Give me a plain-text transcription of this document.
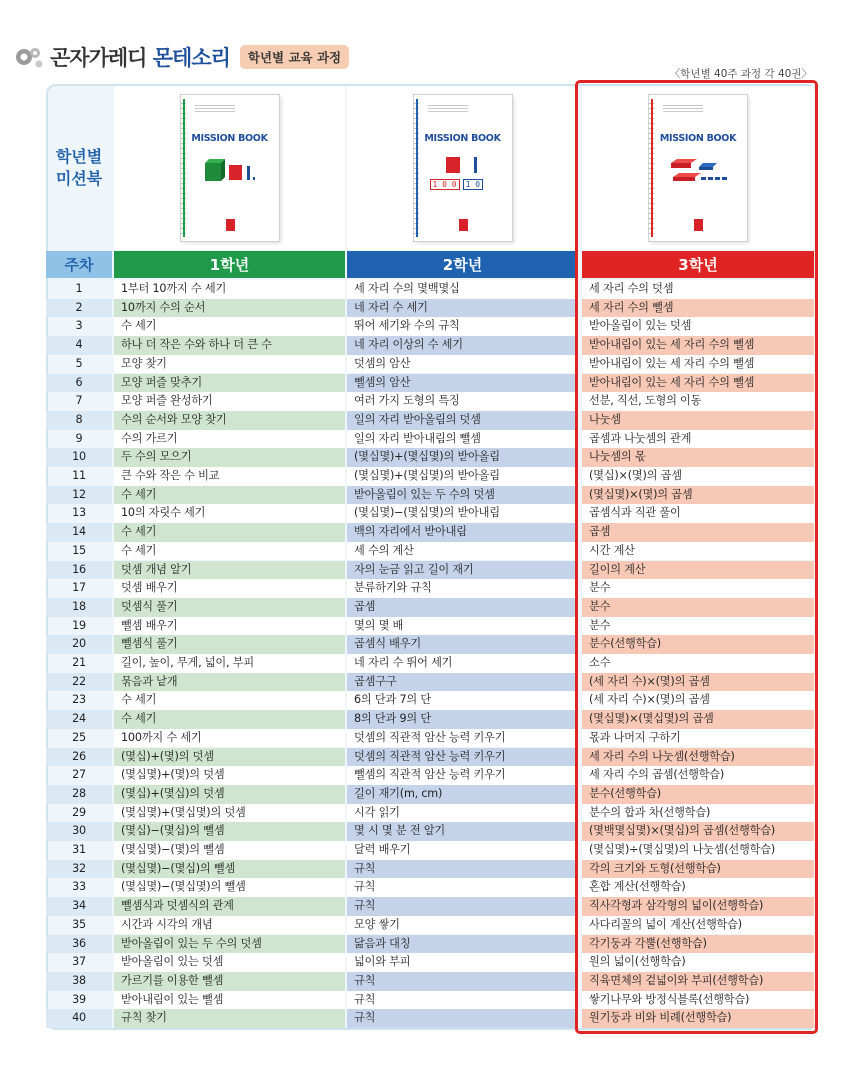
곤자가레디 몬테소리	학년별 교육 과정
〈학년별 40주 과정 각 40권〉
학년별
미션북
MISSION BOOK	MISSION BOOK
1 0 0	1 0
MISSION BOOK
주차	1학년	2학년	3학년
1	1부터 10까지 수 세기	세 자리 수의 몇백몇십	세 자리 수의 덧셈
2	10까지 수의 순서	네 자리 수 세기	세 자리 수의 뺄셈
3	수 세기	뛰어 세기와 수의 규칙	받아올림이 있는 덧셈
4	하나 더 작은 수와 하나 더 큰 수	네 자리 이상의 수 세기	받아내림이 있는 세 자리 수의 뺄셈
5	모양 찾기	덧셈의 암산	받아내림이 있는 세 자리 수의 뺄셈
6	모양 퍼즐 맞추기	뺄셈의 암산	받아내림이 있는 세 자리 수의 뺄셈
7	모양 퍼즐 완성하기	여러 가지 도형의 특징	선분, 직선, 도형의 이동
8	수의 순서와 모양 찾기	일의 자리 받아올림의 덧셈	나눗셈
9	수의 가르기	일의 자리 받아내림의 뺄셈	곱셈과 나눗셈의 관계
10	두 수의 모으기	(몇십몇)+(몇십몇)의 받아올림	나눗셈의 몫
11	큰 수와 작은 수 비교	(몇십몇)+(몇십몇)의 받아올림	(몇십)×(몇)의 곱셈
12	수 세기	받아올림이 있는 두 수의 덧셈	(몇십몇)×(몇)의 곱셈
13	10의 자릿수 세기	(몇십몇)−(몇십몇)의 받아내림	곱셈식과 직관 풀이
14	수 세기	백의 자리에서 받아내림	곱셈
15	수 세기	세 수의 계산	시간 계산
16	덧셈 개념 알기	자의 눈금 읽고 길이 재기	길이의 계산
17	덧셈 배우기	분류하기와 규칙	분수
18	덧셈식 풀기	곱셈	분수
19	뺄셈 배우기	몇의 몇 배	분수
20	뺄셈식 풀기	곱셈식 배우기	분수(선행학습)
21	길이, 높이, 무게, 넓이, 부피	네 자리 수 뛰어 세기	소수
22	묶음과 낱개	곱셈구구	(세 자리 수)×(몇)의 곱셈
23	수 세기	6의 단과 7의 단	(세 자리 수)×(몇)의 곱셈
24	수 세기	8의 단과 9의 단	(몇십몇)×(몇십몇)의 곱셈
25	100까지 수 세기	덧셈의 직관적 암산 능력 키우기	몫과 나머지 구하기
26	(몇십)+(몇)의 덧셈	덧셈의 직관적 암산 능력 키우기	세 자리 수의 나눗셈(선행학습)
27	(몇십몇)+(몇)의 덧셈	뺄셈의 직관적 암산 능력 키우기	세 자리 수의 곱셈(선행학습)
28	(몇십)+(몇십)의 덧셈	길이 재기(m, cm)	분수(선행학습)
29	(몇십몇)+(몇십몇)의 덧셈	시각 읽기	분수의 합과 차(선행학습)
30	(몇십)−(몇십)의 뺄셈	몇 시 몇 분 전 알기	(몇백몇십몇)×(몇십)의 곱셈(선행학습)
31	(몇십몇)−(몇)의 뺄셈	달력 배우기	(몇십몇)÷(몇십몇)의 나눗셈(선행학습)
32	(몇십몇)−(몇십)의 뺄셈	규칙	각의 크기와 도형(선행학습)
33	(몇십몇)−(몇십몇)의 뺄셈	규칙	혼합 계산(선행학습)
34	뺄셈식과 덧셈식의 관계	규칙	직사각형과 삼각형의 넓이(선행학습)
35	시간과 시각의 개념	모양 쌓기	사다리꼴의 넓이 계산(선행학습)
36	받아올림이 있는 두 수의 덧셈	닮음과 대칭	각기둥과 각뿔(선행학습)
37	받아올림이 있는 덧셈	넓이와 부피	원의 넓이(선행학습)
38	가르기를 이용한 뺄셈	규칙	직육면체의 겉넓이와 부피(선행학습)
39	받아내림이 있는 뺄셈	규칙	쌓기나무와 방정식블록(선행학습)
40	규칙 찾기	규칙	원기둥과 비와 비례(선행학습)
